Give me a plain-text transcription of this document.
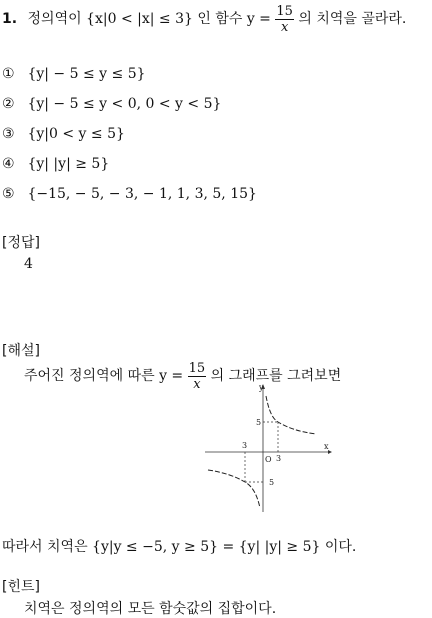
1. 정의역이 {x|0 < |x| ≤ 3} 인 함수 $y = \frac{15}{x}$ 의 치역을 골라라.
① {y| − 5 ≤ y ≤ 5}
② {y| − 5 ≤ y < 0, 0 < y < 5}
③ {y|0 < y ≤ 5}
④ {y| |y| ≥ 5}
⑤ {−15, − 5, − 3, − 1, 1, 3, 5, 15}
[정답]
4
[해설]
주어진 정의역에 따른 $y = \frac{15}{x}$ 의 그래프를 그려보면
y
x
O
5
3
3
5
따라서 치역은 {y|y ≤ −5, y ≥ 5} = {y| |y| ≥ 5} 이다.
[힌트]
치역은 정의역의 모든 함숫값의 집합이다.
